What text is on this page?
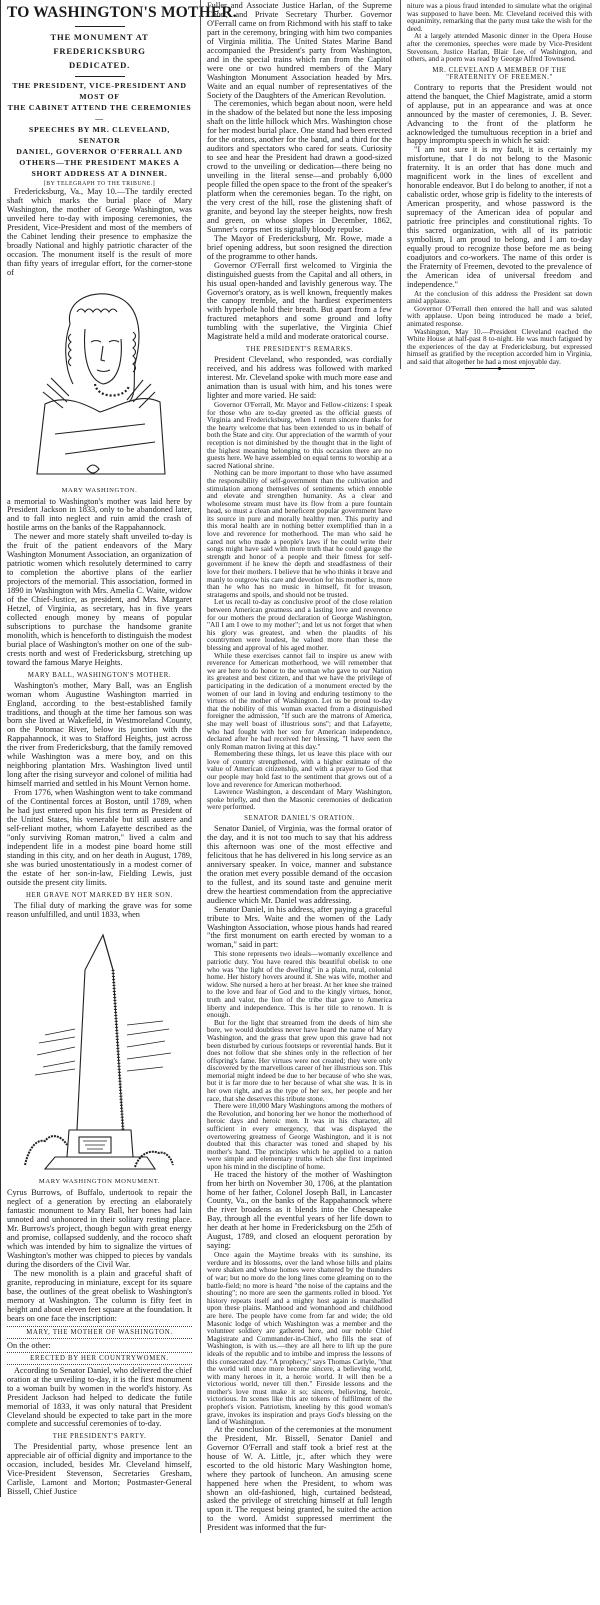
TO WASHINGTON'S MOTHER.
THE MONUMENT AT FREDERICKSBURG
DEDICATED.
THE PRESIDENT, VICE-PRESIDENT AND MOST OF
THE CABINET ATTEND THE CEREMONIES—
SPEECHES BY MR. CLEVELAND, SENATOR
DANIEL, GOVERNOR O'FERRALL AND
OTHERS—THE PRESIDENT MAKES A
SHORT ADDRESS AT A DINNER.
[BY TELEGRAPH TO THE TRIBUNE.]

Fredericksburg, Va., May 10.—The tardily erected shaft which marks the burial place of Mary Washington, the mother of George Washington, was unveiled here to-day with imposing ceremonies, the President, Vice-President and most of the members of the Cabinet lending their presence to emphasize the broadly National and highly patriotic character of the occasion. The monument itself is the result of more than fifty years of irregular effort, for the corner-stone of

MARY WASHINGTON.

a memorial to Washington's mother was laid here by President Jackson in 1833, only to be abandoned later, and to fall into neglect and ruin amid the crash of hostile arms on the banks of the Rappahannock.

The newer and more stately shaft unveiled to-day is the fruit of the patient endeavors of the Mary Washington Monument Association, an organization of patriotic women which resolutely determined to carry to completion the abortive plans of the earlier projectors of the memorial. This association, formed in 1890 in Washington with Mrs. Amelia C. Waite, widow of the Chief-Justice, as president, and Mrs. Margaret Hetzel, of Virginia, as secretary, has in five years collected enough money by means of popular subscriptions to purchase the handsome granite monolith, which is henceforth to distinguish the modest burial place of Washington's mother on one of the sub-crests north and west of Fredericksburg, stretching up toward the famous Marye Heights.

MARY BALL, WASHINGTON'S MOTHER.

Washington's mother, Mary Ball, was an English woman whom Augustine Washington married in England, according to the best-established family traditions, and though at the time her famous son was born she lived at Wakefield, in Westmoreland County, on the Potomac River, below its junction with the Rappahannock, it was to Stafford Heights, just across the river from Fredericksburg, that the family removed while Washington was a mere boy, and on this neighboring plantation Mrs. Washington lived until long after the rising surveyor and colonel of militia had himself married and settled in his Mount Vernon home.

From 1776, when Washington went to take command of the Continental forces at Boston, until 1789, when he had just entered upon his first term as President of the United States, his venerable but still austere and self-reliant mother, whom Lafayette described as the "only surviving Roman matron," lived a calm and independent life in a modest pine board home still standing in this city, and on her death in August, 1789, she was buried unostentatiously in a modest corner of the estate of her son-in-law, Fielding Lewis, just outside the present city limits.

HER GRAVE NOT MARKED BY HER SON.

The filial duty of marking the grave was for some reason unfulfilled, and until 1833, when

MARY WASHINGTON MONUMENT.

Cyrus Burrows, of Buffalo, undertook to repair the neglect of a generation by erecting an elaborately fantastic monument to Mary Ball, her bones had lain unnoted and unhonored in their solitary resting place. Mr. Burrows's project, though begun with great energy and promise, collapsed suddenly, and the rococo shaft which was intended by him to signalize the virtues of Washington's mother was chipped to pieces by vandals during the disorders of the Civil War.

The new monolith is a plain and graceful shaft of granite, reproducing in miniature, except for its square base, the outlines of the great obelisk to Washington's memory at Washington. The column is fifty feet in height and about eleven feet square at the foundation. It bears on one face the inscription:

MARY, THE MOTHER OF WASHINGTON.
On the other:
ERECTED BY HER COUNTRYWOMEN.

According to Senator Daniel, who delivered the chief oration at the unveiling to-day, it is the first monument to a woman built by women in the world's history. As President Jackson had helped to dedicate the futile memorial of 1833, it was only natural that President Cleveland should be expected to take part in the more complete and successful ceremonies of to-day.

THE PRESIDENT'S PARTY.

The Presidential party, whose presence lent an appreciable air of official dignity and importance to the occasion, included, besides Mr. Cleveland himself, Vice-President Stevenson, Secretaries Gresham, Carlisle, Lamont and Morton; Postmaster-General Bissell, Chief Justice

Fuller and Associate Justice Harlan, of the Supreme Court, and Private Secretary Thurber. Governor O'Ferrall came on from Richmond with his staff to take part in the ceremony, bringing with him two companies of Virginia militia. The United States Marine Band accompanied the President's party from Washington, and in the special trains which ran from the Capitol were one or two hundred members of the Mary Washington Monument Association headed by Mrs. Waite and an equal number of representatives of the Society of the Daughters of the American Revolution.

The ceremonies, which began about noon, were held in the shadow of the belated but none the less imposing shaft on the little hillock which Mrs. Washington chose for her modest burial place. One stand had been erected for the orators, another for the band, and a third for the auditors and spectators who cared for seats. Curiosity to see and hear the President had drawn a good-sized crowd to the unveiling or dedication—there being no unveiling in the literal sense—and probably 6,000 people filled the open space to the front of the speaker's platform when the ceremonies began. To the right, on the very crest of the hill, rose the glistening shaft of granite, and beyond lay the steeper heights, now fresh and green, on whose slopes in December, 1862, Sumner's corps met its signally bloody repulse.

The Mayor of Fredericksburg, Mr. Rowe, made a brief opening address, but soon resigned the direction of the programme to other hands.

Governor O'Ferrall first welcomed to Virginia the distinguished guests from the Capital and all others, in his usual open-handed and lavishly generous way. The Governor's oratory, as is well known, frequently makes the canopy tremble, and the hardiest experimenters with hyperbole hold their breath. But apart from a few fractured metaphors and some ground and lofty tumbling with the superlative, the Virginia Chief Magistrate held a mild and moderate oratorical course.

THE PRESIDENT'S REMARKS.

President Cleveland, who responded, was cordially received, and his address was followed with marked interest. Mr. Cleveland spoke with much more ease and animation than is usual with him, and his tones were lighter and more varied. He said:

Governor O'Ferrall, Mr. Mayor and Fellow-citizens: I speak for those who are to-day greeted as the official guests of Virginia and Fredericksburg, when I return sincere thanks for the hearty welcome that has been extended to us in behalf of both the State and city. Our appreciation of the warmth of your reception is not diminished by the thought that in the light of the highest meaning belonging to this occasion there are no guests here. We have assembled on equal terms to worship at a sacred National shrine.

Nothing can be more important to those who have assumed the responsibility of self-government than the cultivation and stimulation among themselves of sentiments which ennoble and elevate and strengthen humanity. As a clear and wholesome stream must have its flow from a pure fountain head, so must a clean and beneficent popular government have its source in pure and morally healthy men. This purity and this moral health are in nothing better exemplified than in a love and reverence for motherhood. The man who said he cared not who made a people's laws if he could write their songs might have said with more truth that he could gauge the strength and honor of a people and their fitness for self-government if he knew the depth and steadfastness of their love for their mothers. I believe that he who thinks it brave and manly to outgrow his care and devotion for his mother is, more than he who has no music in himself, fit for treason, stratagems and spoils, and should not be trusted.

Let us recall to-day as conclusive proof of the close relation between American greatness and a lasting love and reverence for our mothers the proud declaration of George Washington, "All I am I owe to my mother"; and let us not forget that when his glory was greatest, and when the plaudits of his countrymen were loudest, he valued more than these the blessing and approval of his aged mother.

While these exercises cannot fail to inspire us anew with reverence for American motherhood, we will remember that we are here to do honor to the woman who gave to our Nation its greatest and best citizen, and that we have the privilege of participating in the dedication of a monument erected by the women of our land in loving and enduring testimony to the virtues of the mother of Washington. Let us be proud to-day that the nobility of this woman exacted from a distinguished foreigner the admission, "If such are the matrons of America, she may well boast of illustrious sons"; and that Lafayette, who had fought with her son for American independence, declared after he had received her blessing, "I have seen the only Roman matron living at this day."

Remembering these things, let us leave this place with our love of country strengthened, with a higher estimate of the value of American citizenship, and with a prayer to God that our people may hold fast to the sentiment that grows out of a love and reverence for American motherhood.

Lawrence Washington, a descendant of Mary Washington, spoke briefly, and then the Masonic ceremonies of dedication were performed.

SENATOR DANIEL'S ORATION.

Senator Daniel, of Virginia, was the formal orator of the day, and it is not too much to say that his address this afternoon was one of the most effective and felicitous that he has delivered in his long service as an anniversary speaker. In voice, manner and substance the oration met every possible demand of the occasion to the fullest, and its sound taste and genuine merit drew the heartiest commendation from the appreciative audience which Mr. Daniel was addressing.

Senator Daniel, in his address, after paying a graceful tribute to Mrs. Waite and the women of the Lady Washington Association, whose pious hands had reared "the first monument on earth erected by woman to a woman," said in part:

This stone represents two ideals—womanly excellence and patriotic duty. You have reared this beautiful obelisk to one who was "the light of the dwelling" in a plain, rural, colonial home. Her history hovers around it. She was wife, mother and widow. She nursed a hero at her breast. At her knee she trained to the love and fear of God and to the kingly virtues, honor, truth and valor, the lion of the tribe that gave to America liberty and independence. This is her title to renown. It is enough.

But for the light that streamed from the deeds of him she bore, we would doubtless never have heard the name of Mary Washington, and the grass that grew upon this grave had not been disturbed by curious footsteps or reverential hands. But it does not follow that she shines only in the reflection of her offspring's fame. Her virtues were not created; they were only discovered by the marvellous career of her illustrious son. This memorial might indeed be due to her because of who she was, but it is far more due to her because of what she was. It is in her own right, and as the type of her sex, her people and her race, that she deserves this tribute stone.

There were 10,000 Mary Washingtons among the mothers of the Revolution, and honoring her we honor the motherhood of heroic days and heroic men. It was in his character, all sufficient in every emergency, that was displayed the overtowering greatness of George Washington, and it is not doubted that this character was toned and shaped by his mother's hand. The principles which he applied to a nation were simple and elementary truths which she first imprinted upon his mind in the discipline of home.

He traced the history of the mother of Washington from her birth on November 30, 1706, at the plantation home of her father, Colonel Joseph Ball, in Lancaster County, Va., on the banks of the Rappahannock where the river broadens as it blends into the Chesapeake Bay, through all the eventful years of her life down to her death at her home in Fredericksburg on the 25th of August, 1789, and closed an eloquent peroration by saying:

Once again the Maytime breaks with its sunshine, its verdure and its blossoms, over the land whose hills and plains were shaken and whose homes were shattered by the thunders of war; but no more do the long lines come gleaming on to the battle-field; no more is heard "the noise of the captains and the shouting"; no more are seen the garments rolled in blood. Yet history repeats itself and a mighty host again is marshalled upon these plains. Manhood and womanhood and childhood are here. The people have come from far and wide; the old Masonic lodge of which Washington was a member and the volunteer soldiery are gathered here, and our noble Chief Magistrate and Commander-in-Chief, who fills the seat of Washington, is with us.—they are all here to lift up the pure ideals of the republic and to imbibe and impress the lessons of this consecrated day. "A prophecy," says Thomas Carlyle, "that the world will once more become sincere, a believing world, with many heroes in it, a heroic world. It will then be a victorious world, never till then." Fireside lessons and the mother's love must make it so; sincere, believing, heroic, victorious. In scenes like this are tokens of fulfilment of the prophet's vision. Patriotism, kneeling by this good woman's grave, invokes its inspiration and prays God's blessing on the land of Washington.

At the conclusion of the ceremonies at the monument the President, Mr. Bissell, Senator Daniel and Governor O'Ferrall and staff took a brief rest at the house of W. A. Little, jr., after which they were escorted to the old historic Mary Washington home, where they partook of luncheon. An amusing scene happened here when the President, to whom was shown an old-fashioned, high, curtained bedstead, asked the privilege of stretching himself at full length upon it. The request being granted, he suited the action to the word. Amidst suppressed merriment the President was informed that the fur-

niture was a pious fraud intended to simulate what the original was supposed to have been. Mr. Cleveland received this with equanimity, remarking that the party must take the wish for the deed.

At a largely attended Masonic dinner in the Opera House after the ceremonies, speeches were made by Vice-President Stevenson, Justice Harlan, Blair Lee, of Washington, and others, and a poem was read by George Alfred Townsend.

MR. CLEVELAND A MEMBER OF THE "FRATERNITY OF FREEMEN."

Contrary to reports that the President would not attend the banquet, the Chief Magistrate, amid a storm of applause, put in an appearance and was at once announced by the master of ceremonies, J. B. Sever. Advancing to the front of the platform he acknowledged the tumultuous reception in a brief and happy impromptu speech in which he said:

"I am not sure it is my fault, it is certainly my misfortune, that I do not belong to the Masonic fraternity. It is an order that has done much and magnificent work in the lines of excellent and honorable endeavor. But I do belong to another, if not a cabalistic order, whose grip is fidelity to the interests of American prosperity, and whose password is the supremacy of the American idea of popular and patriotic free principles and constitutional rights. To this sacred organization, with all of its patriotic symbolism, I am proud to belong, and I am to-day equally proud to recognize those before me as being coadjutors and co-workers. The name of this order is the Fraternity of Freemen, devoted to the prevalence of the American idea of universal freedom and independence."

At the conclusion of this address the President sat down amid applause.

Governor O'Ferrall then entered the hall and was saluted with applause. Upon being introduced he made a brief, animated response.

Washington, May 10.—President Cleveland reached the White House at half-past 8 to-night. He was much fatigued by the experiences of the day at Fredericksburg, but expressed himself as gratified by the reception accorded him in Virginia, and said that altogether he had a most enjoyable day.
